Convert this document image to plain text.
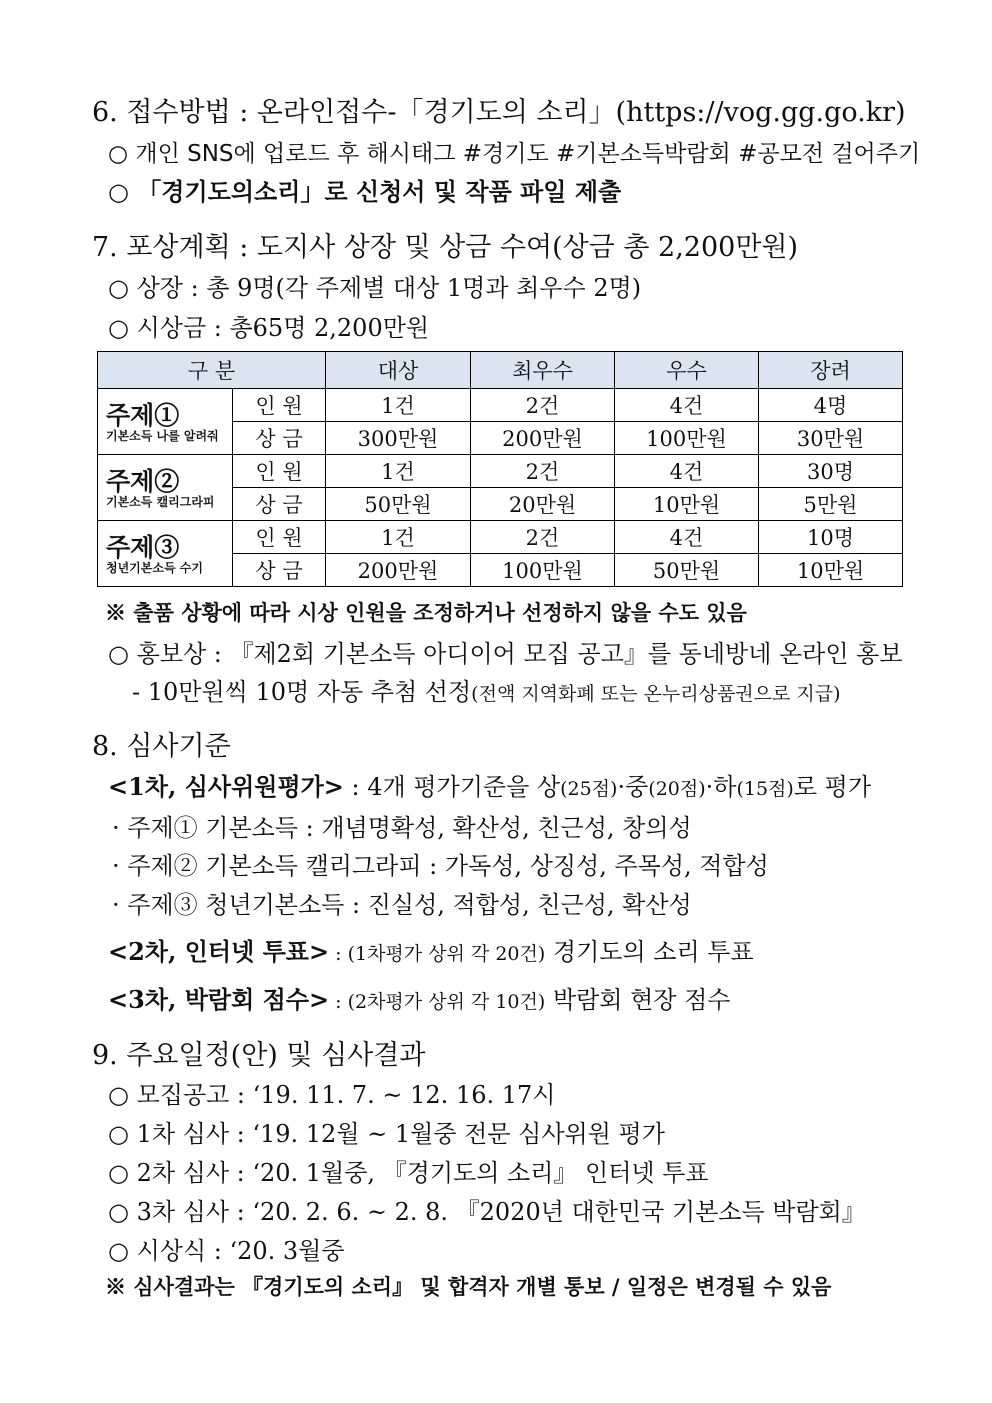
6. 접수방법 : 온라인접수-「경기도의 소리」(https://vog.gg.go.kr)
○ 개인 SNS에 업로드 후 해시태그 #경기도 #기본소득박람회 #공모전 걸어주기
○ 「경기도의소리」로 신청서 및 작품 파일 제출
7. 포상계획 : 도지사 상장 및 상금 수여(상금 총 2,200만원)
○ 상장 : 총 9명(각 주제별 대상 1명과 최우수 2명)
○ 시상금 : 총65명 2,200만원
구 분		대상	최우수	우수	장려

주제①
기본소득 나를 알려줘	인 원	1건	2건	4건	4명
	상 금	300만원	200만원	100만원	30만원

주제②
기본소득 캘리그라피	인 원	1건	2건	4건	30명
	상 금	50만원	20만원	10만원	5만원

주제③
청년기본소득 수기	인 원	1건	2건	4건	10명
	상 금	200만원	100만원	50만원	10만원
※ 출품 상황에 따라 시상 인원을 조정하거나 선정하지 않을 수도 있음
○ 홍보상 : 『제2회 기본소득 아디이어 모집 공고』를 동네방네 온라인 홍보
- 10만원씩 10명 자동 추첨 선정(전액 지역화폐 또는 온누리상품권으로 지급)
8. 심사기준
<1차, 심사위원평가> : 4개 평가기준을 상(25점)·중(20점)·하(15점)로 평가
· 주제① 기본소득 : 개념명확성, 확산성, 친근성, 창의성
· 주제② 기본소득 캘리그라피 : 가독성, 상징성, 주목성, 적합성
· 주제③ 청년기본소득 : 진실성, 적합성, 친근성, 확산성
<2차, 인터넷 투표> : (1차평가 상위 각 20건) 경기도의 소리 투표
<3차, 박람회 점수> : (2차평가 상위 각 10건) 박람회 현장 점수
9. 주요일정(안) 및 심사결과
○ 모집공고 : ‘19. 11. 7. ~ 12. 16. 17시
○ 1차 심사 : ‘19. 12월 ~ 1월중 전문 심사위원 평가
○ 2차 심사 : ‘20. 1월중, 『경기도의 소리』 인터넷 투표
○ 3차 심사 : ‘20. 2. 6. ~ 2. 8. 『2020년 대한민국 기본소득 박람회』
○ 시상식 : ‘20. 3월중
※ 심사결과는 『경기도의 소리』 및 합격자 개별 통보 / 일정은 변경될 수 있음
